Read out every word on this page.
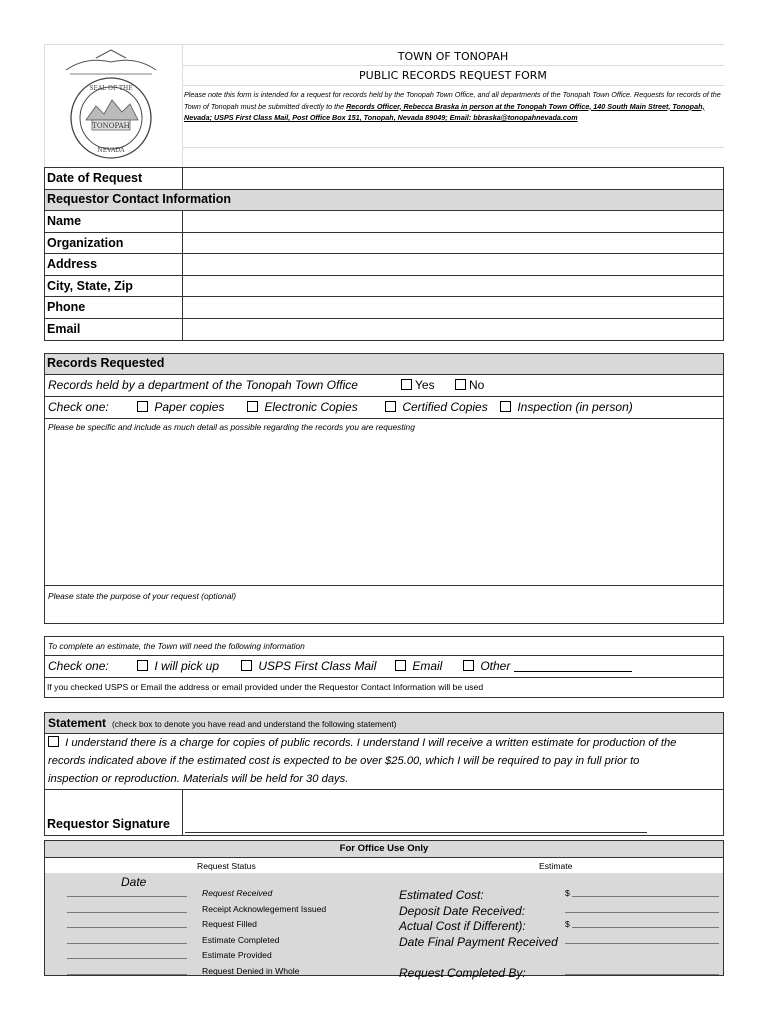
SEAL OF THE
TONOPAH
NEVADA
TOWN OF TONOPAH
PUBLIC RECORDS REQUEST FORM
Please note this form is intended for a request for records held by the Tonopah Town Office, and all departments of the Tonopah Town Office. Requests for records of the Town of Tonopah must be submitted directly to the Records Officer, Rebecca Braska in person at the Tonopah Town Office, 140 South Main Street, Tonopah, Nevada; USPS First Class Mail, Post Office Box 151, Tonopah, Nevada 89049; Email: bbraska@tonopahnevada.com
Date of Request
Requestor Contact Information
Name
Organization
Address
City, State, Zip
Phone
Email
Records Requested
Records held by a department of the Tonopah Town Office	Yes	No
Check one:	Paper copies	Electronic Copies	Certified Copies	Inspection (in person)
Please be specific and include as much detail as possible regarding the records you are requesting
Please state the purpose of your request (optional)
To complete an estimate, the Town will need the following information
Check one:	I will pick up	USPS First Class Mail	Email	Other
If you checked USPS or Email the address or email provided under the Requestor Contact Information will be used
Statement (check box to denote you have read and understand the following statement)
I understand there is a charge for copies of public records. I understand I will receive a written estimate for production of the
records indicated above if the estimated cost is expected to be over $25.00, which I will be required to pay in full prior to
inspection or reproduction. Materials will be held for 30 days.
Requestor Signature
For Office Use Only
Request Status	Estimate
Date
Request Received	Estimated Cost:	$
Receipt Acknowlegement Issued	Deposit Date Received:
Request Filled	Actual Cost if Different):	$
Estimate Completed	Date Final Payment Received
Estimate Provided
Request Denied in Whole	Request Completed By:
